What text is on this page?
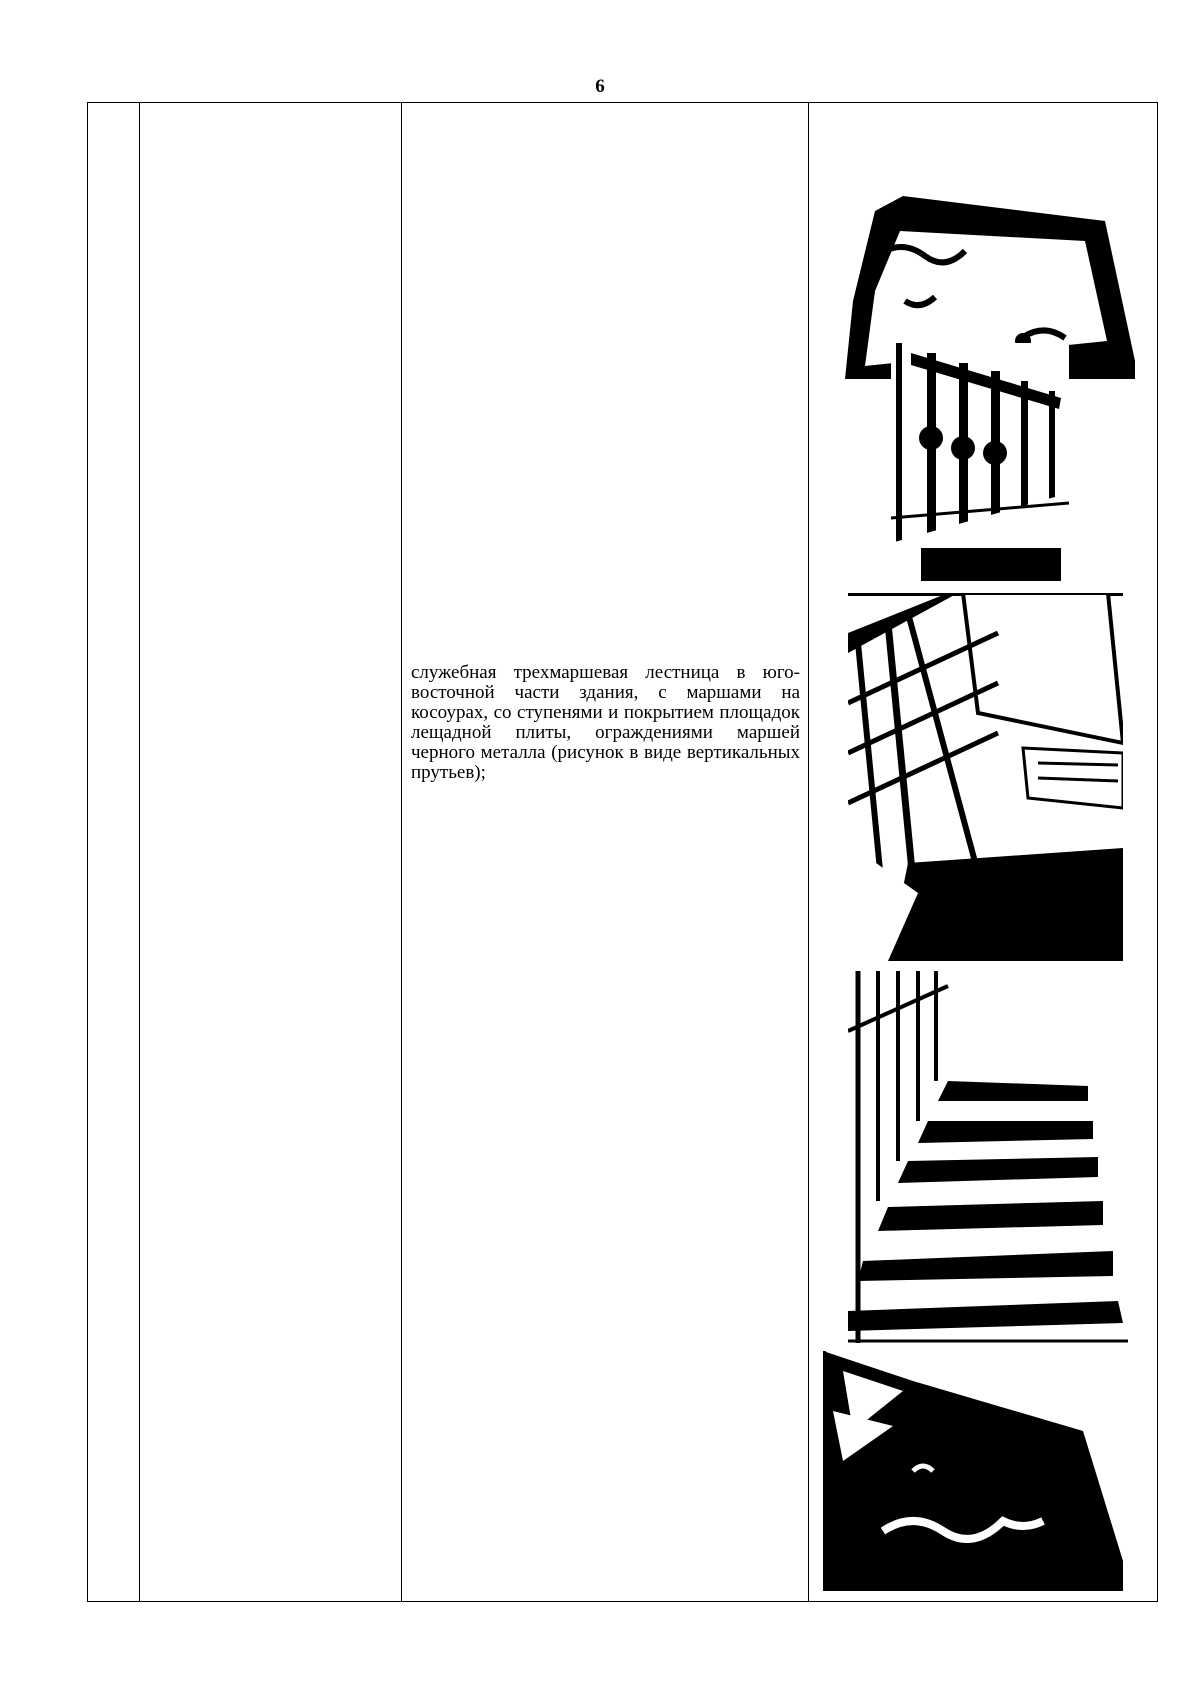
6
служебная трехмаршевая лестница в юго-восточной части здания, с маршами на косоурах, со ступенями и покрытием площадок лещадной плиты, ограждениями маршей черного металла (рисунок в виде вертикальных прутьев);
